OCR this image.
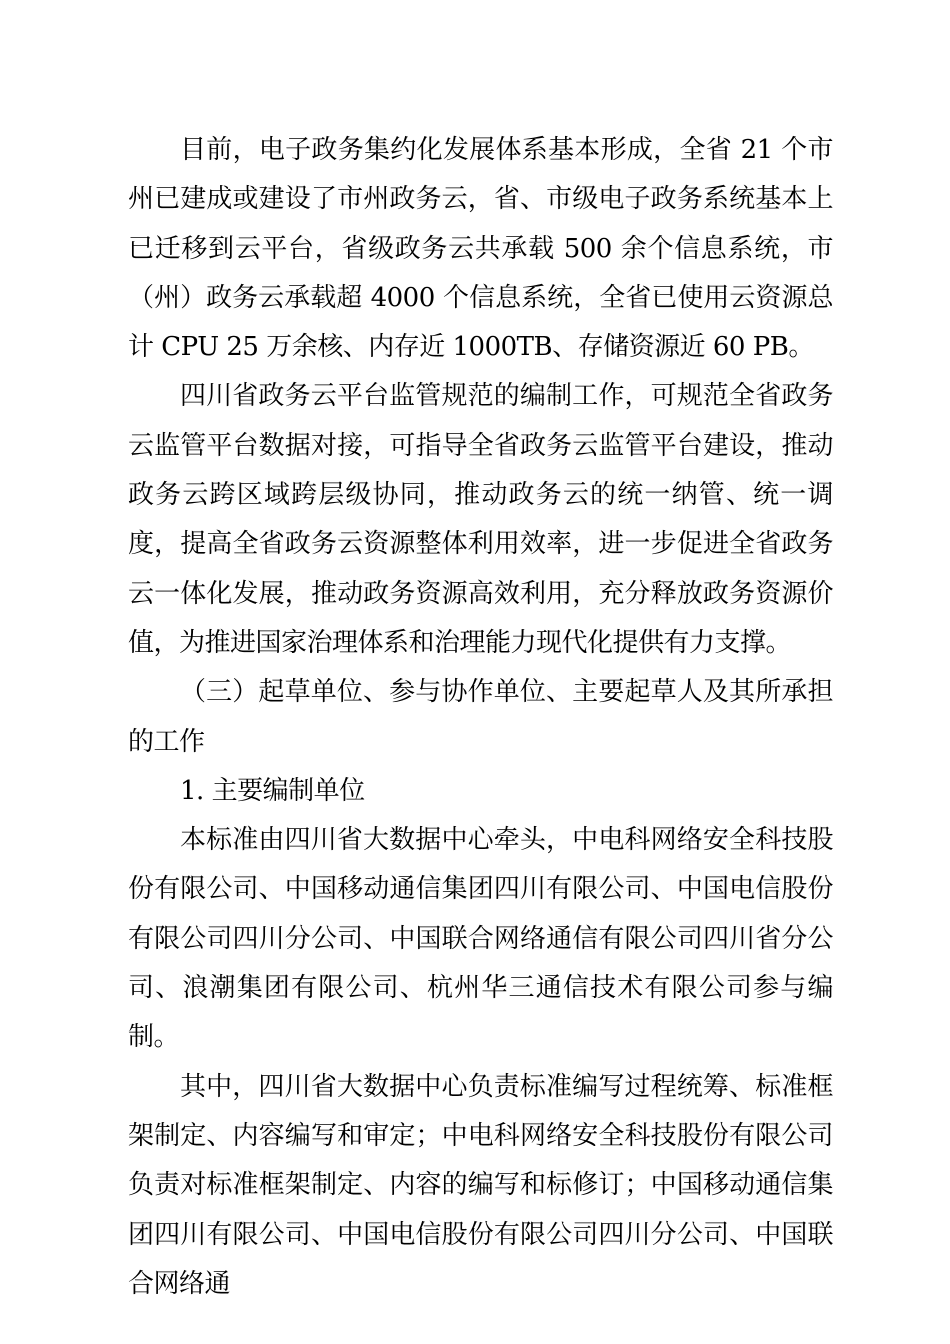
目前，电子政务集约化发展体系基本形成，全省 21 个市州已建成或建设了市州政务云，省、市级电子政务系统基本上已迁移到云平台，省级政务云共承载 500 余个信息系统，市（州）政务云承载超 4000 个信息系统，全省已使用云资源总计 CPU 25 万余核、内存近 1000TB、存储资源近 60 PB。

四川省政务云平台监管规范的编制工作，可规范全省政务云监管平台数据对接，可指导全省政务云监管平台建设，推动政务云跨区域跨层级协同，推动政务云的统一纳管、统一调度，提高全省政务云资源整体利用效率，进一步促进全省政务云一体化发展，推动政务资源高效利用，充分释放政务资源价值，为推进国家治理体系和治理能力现代化提供有力支撑。

（三）起草单位、参与协作单位、主要起草人及其所承担的工作

1. 主要编制单位

本标准由四川省大数据中心牵头，中电科网络安全科技股份有限公司、中国移动通信集团四川有限公司、中国电信股份有限公司四川分公司、中国联合网络通信有限公司四川省分公司、浪潮集团有限公司、杭州华三通信技术有限公司参与编制。

其中，四川省大数据中心负责标准编写过程统筹、标准框架制定、内容编写和审定；中电科网络安全科技股份有限公司负责对标准框架制定、内容的编写和标修订；中国移动通信集团四川有限公司、中国电信股份有限公司四川分公司、中国联合网络通
